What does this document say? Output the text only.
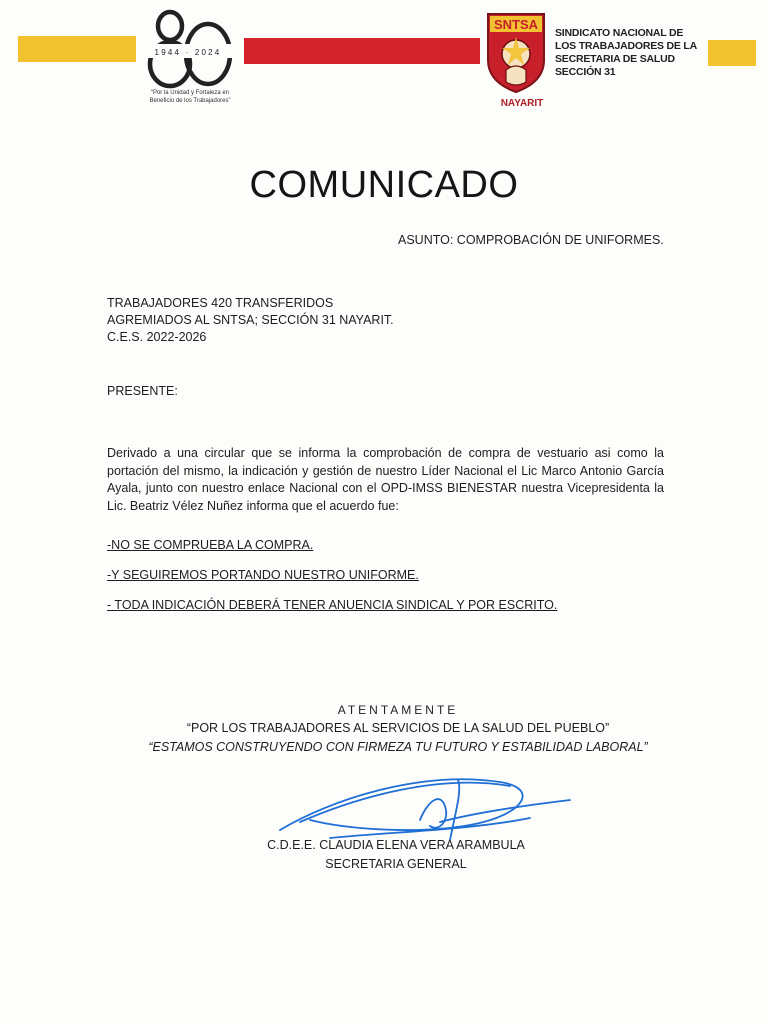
1944 · 2024
“Por la Unidad y Fortaleza en
Beneficio de los Trabajadores”
SNTSA
NAYARIT
SINDICATO NACIONAL DE
LOS TRABAJADORES DE LA
SECRETARIA DE SALUD
SECCIÓN 31
COMUNICADO
ASUNTO: COMPROBACIÓN DE UNIFORMES.
TRABAJADORES 420 TRANSFERIDOS
AGREMIADOS AL SNTSA; SECCIÓN 31 NAYARIT.
C.E.S. 2022-2026
PRESENTE:
Derivado a una circular que se informa la comprobación de compra de vestuario asi como la portación del mismo, la indicación y gestión de nuestro Líder Nacional el Lic Marco Antonio García Ayala, junto con nuestro enlace Nacional con el OPD-IMSS BIENESTAR nuestra Vicepresidenta la Lic. Beatriz Vélez Nuñez informa que el acuerdo fue:
-NO SE COMPRUEBA LA COMPRA.
-Y SEGUIREMOS PORTANDO NUESTRO UNIFORME.
- TODA INDICACIÓN DEBERÁ TENER ANUENCIA SINDICAL Y POR ESCRITO.
ATENTAMENTE
“POR LOS TRABAJADORES AL SERVICIOS DE LA SALUD DEL PUEBLO”
“ESTAMOS CONSTRUYENDO CON FIRMEZA TU FUTURO Y ESTABILIDAD LABORAL”
C.D.E.E. CLAUDIA ELENA VERA ARAMBULA
SECRETARIA GENERAL
